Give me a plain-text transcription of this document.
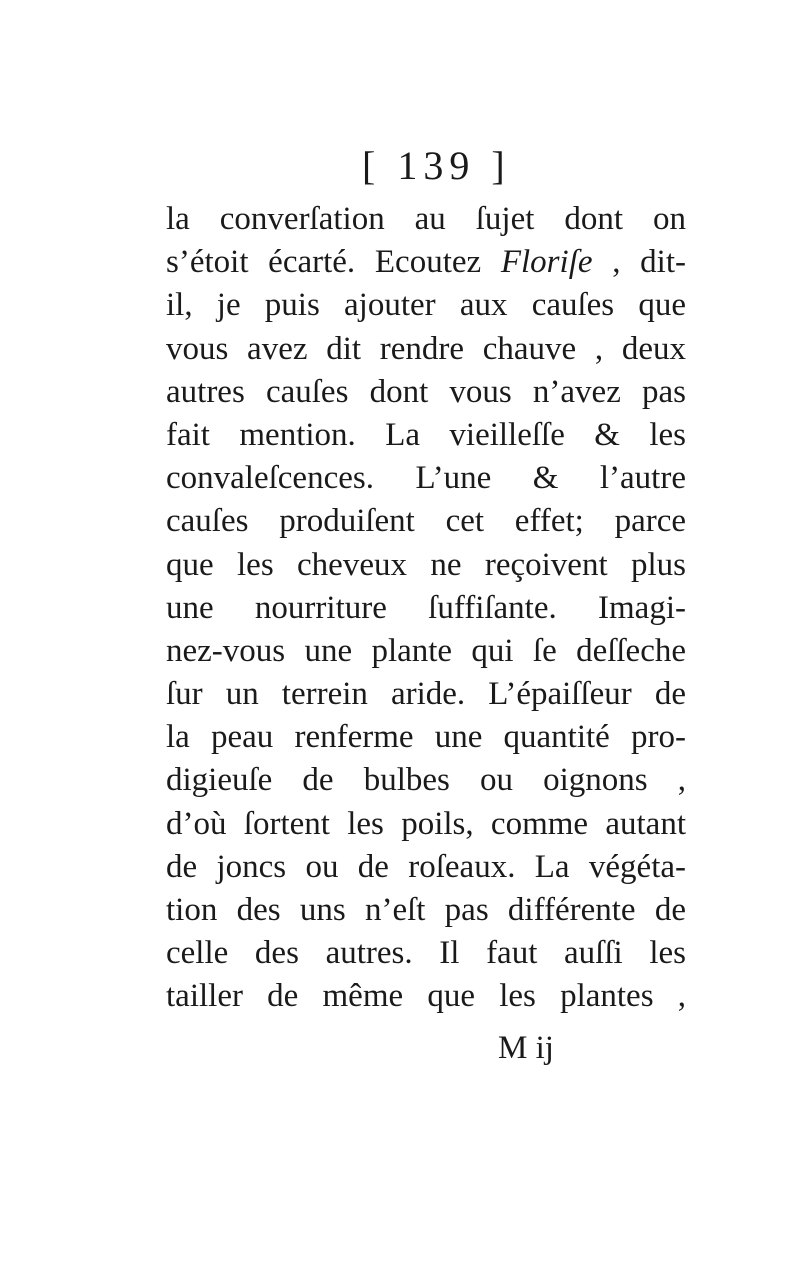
[ 139 ]
la converſation au ſujet dont on
s’étoit écarté. Ecoutez Floriſe , dit-
il, je puis ajouter aux cauſes que
vous avez dit rendre chauve , deux
autres cauſes dont vous n’avez pas
fait mention. La vieilleſſe & les
convaleſcences. L’une & l’autre
cauſes produiſent cet effet; parce
que les cheveux ne reçoivent plus
une nourriture ſuffiſante. Imagi-
nez-vous une plante qui ſe deſſeche
ſur un terrein aride. L’épaiſſeur de
la peau renferme une quantité pro-
digieuſe de bulbes ou oignons ,
d’où ſortent les poils, comme autant
de joncs ou de roſeaux. La végéta-
tion des uns n’eſt pas différente de
celle des autres. Il faut auſſi les
tailler de même que les plantes ,
M ij
